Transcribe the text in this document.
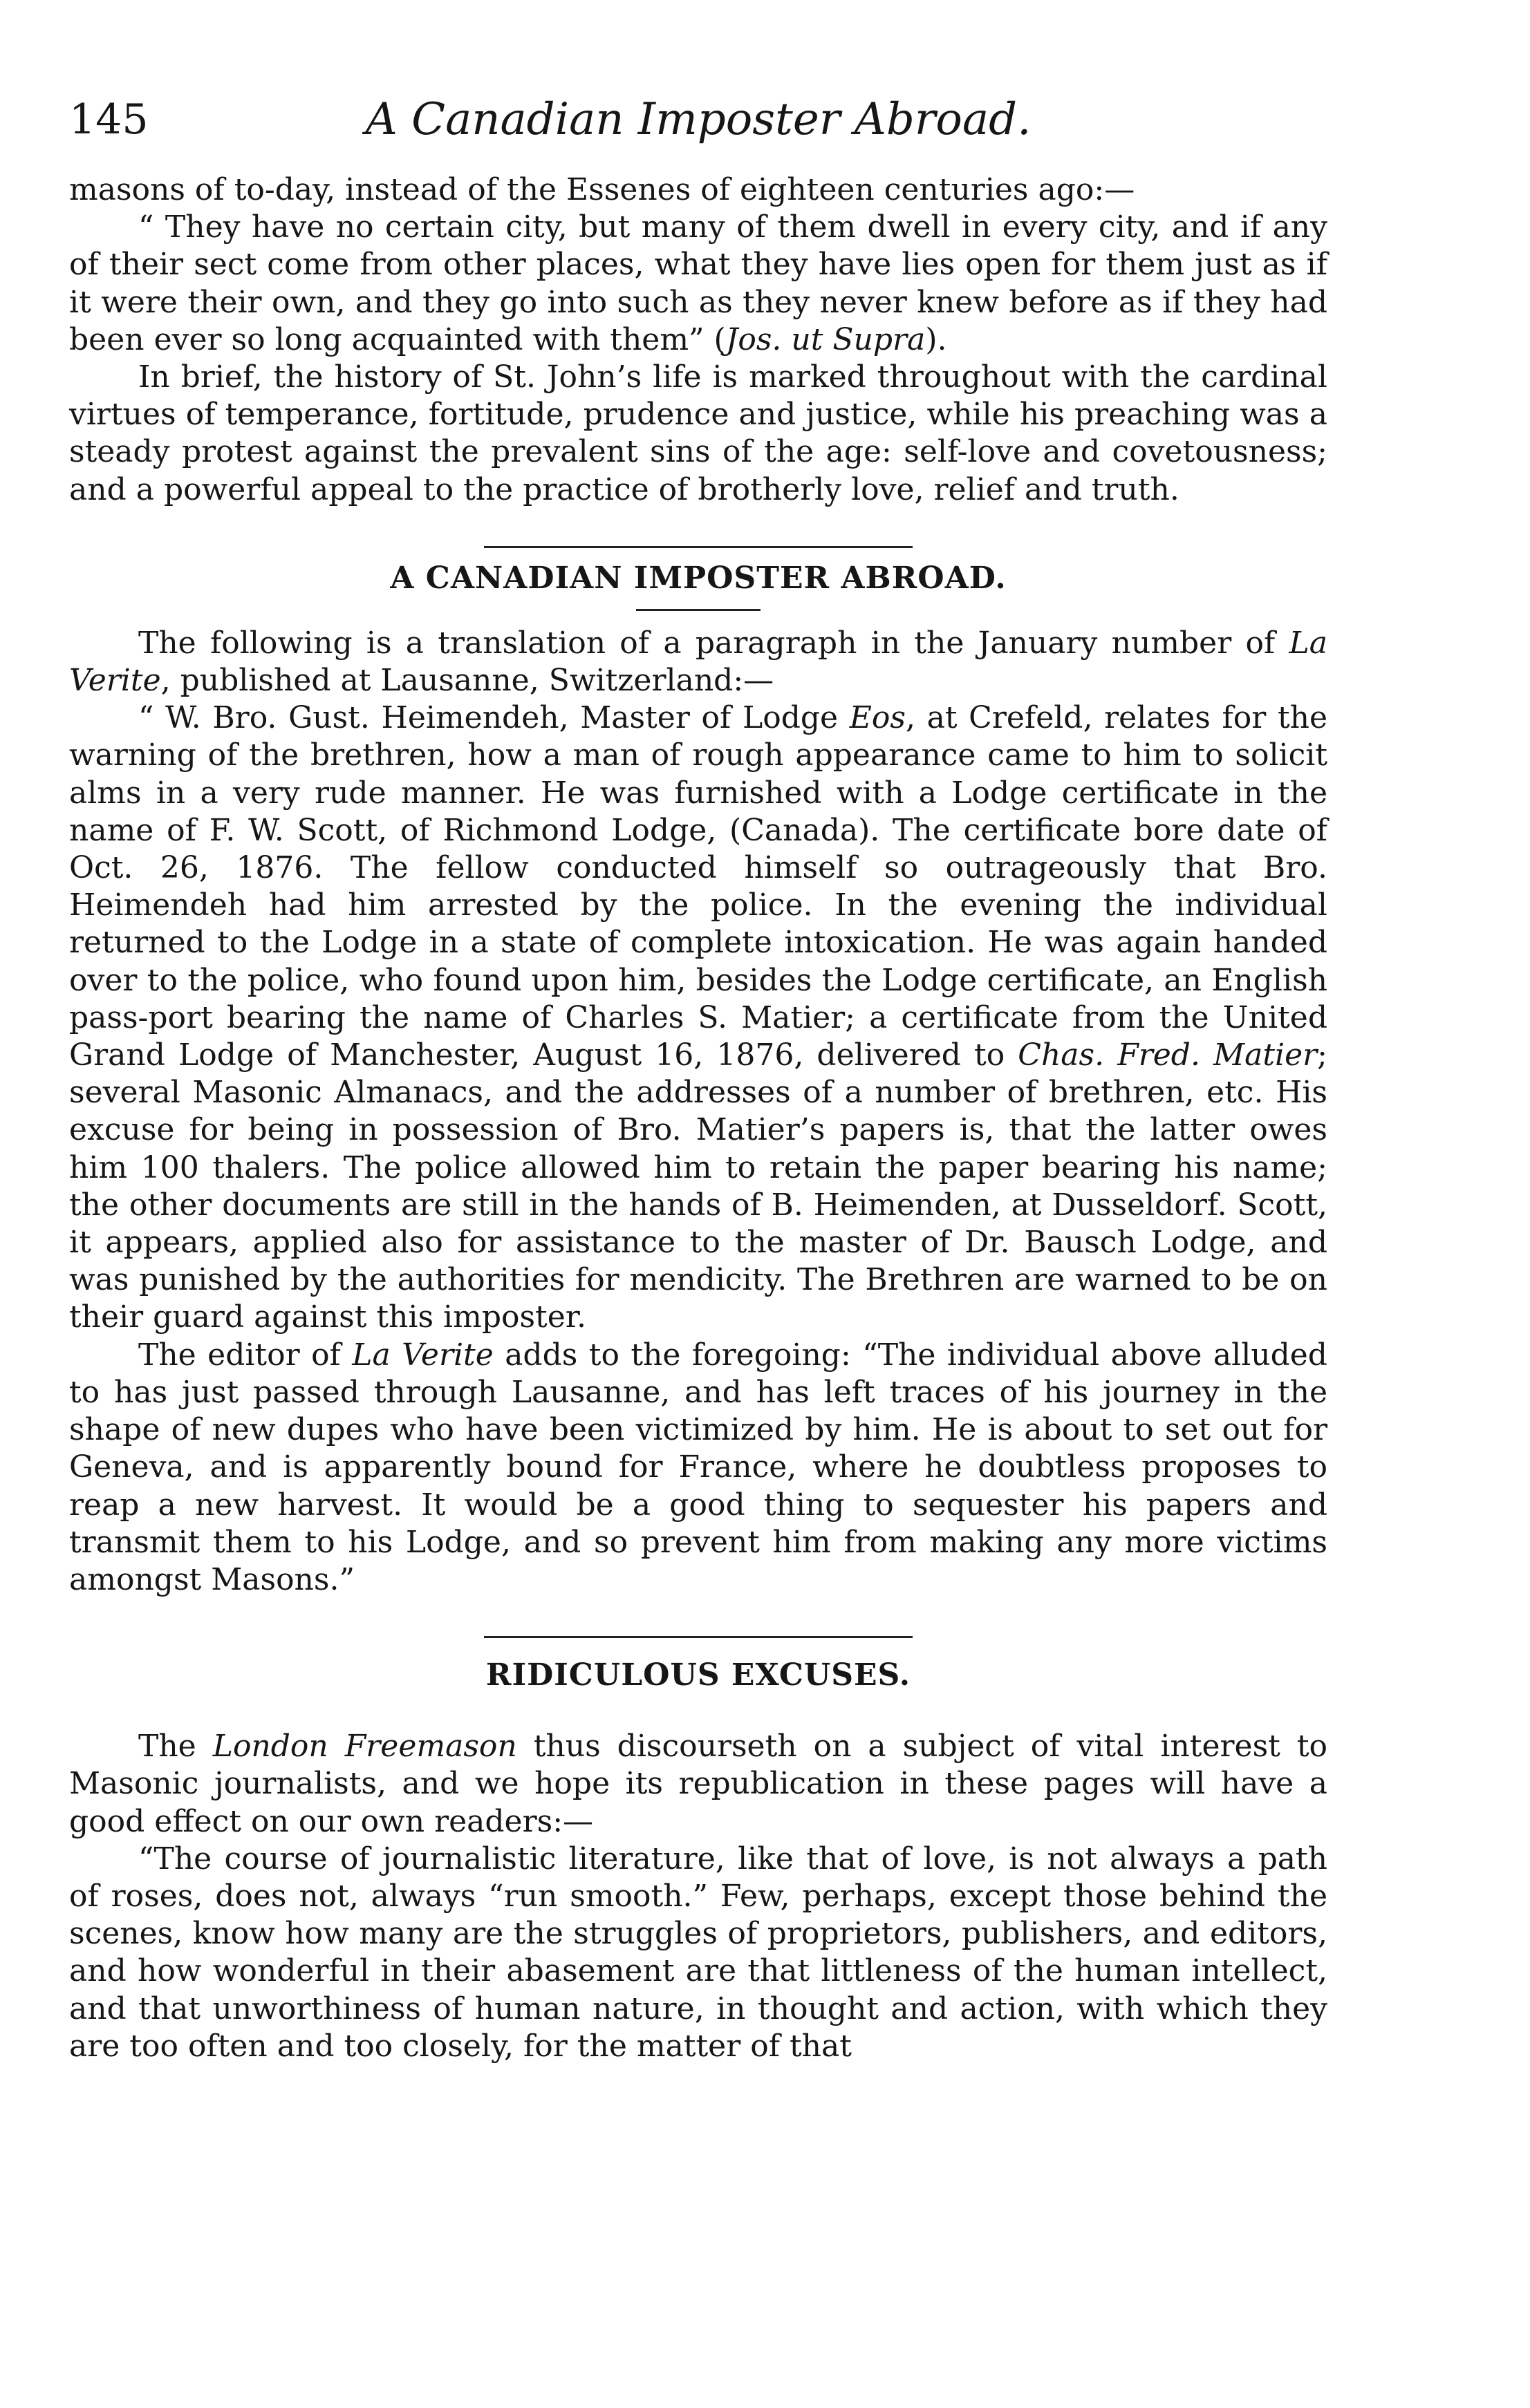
145	A Canadian Imposter Abroad.

masons of to-day, instead of the Essenes of eighteen centuries ago:—

“ They have no certain city, but many of them dwell in every city, and if any of their sect come from other places, what they have lies open for them just as if it were their own, and they go into such as they never knew before as if they had been ever so long acquainted with them” (Jos. ut Supra).

In brief, the history of St. John’s life is marked throughout with the cardinal virtues of temperance, fortitude, prudence and justice, while his preaching was a steady protest against the prevalent sins of the age: self-love and covetousness; and a powerful appeal to the practice of brotherly love, relief and truth.

A CANADIAN IMPOSTER ABROAD.

The following is a translation of a paragraph in the January number of La Verite, published at Lausanne, Switzerland:—

“ W. Bro. Gust. Heimendeh, Master of Lodge Eos, at Crefeld, relates for the warning of the brethren, how a man of rough appearance came to him to solicit alms in a very rude manner. He was furnished with a Lodge certificate in the name of F. W. Scott, of Richmond Lodge, (Canada). The certificate bore date of Oct. 26, 1876. The fellow conducted himself so outrageously that Bro. Heimendeh had him arrested by the police. In the evening the individual returned to the Lodge in a state of complete intoxication. He was again handed over to the police, who found upon him, besides the Lodge certificate, an English pass-port bearing the name of Charles S. Matier; a certificate from the United Grand Lodge of Manchester, August 16, 1876, delivered to Chas. Fred. Matier; several Masonic Almanacs, and the addresses of a number of brethren, etc. His excuse for being in possession of Bro. Matier’s papers is, that the latter owes him 100 thalers. The police allowed him to retain the paper bearing his name; the other documents are still in the hands of B. Heimenden, at Dusseldorf. Scott, it appears, applied also for assistance to the master of Dr. Bausch Lodge, and was punished by the authorities for mendicity. The Brethren are warned to be on their guard against this imposter.

The editor of La Verite adds to the foregoing: “The individual above alluded to has just passed through Lausanne, and has left traces of his journey in the shape of new dupes who have been victimized by him. He is about to set out for Geneva, and is apparently bound for France, where he doubtless proposes to reap a new harvest. It would be a good thing to sequester his papers and transmit them to his Lodge, and so prevent him from making any more victims amongst Masons.”

RIDICULOUS EXCUSES.

The London Freemason thus discourseth on a subject of vital interest to Masonic journalists, and we hope its republication in these pages will have a good effect on our own readers:—

“The course of journalistic literature, like that of love, is not always a path of roses, does not, always “run smooth.” Few, perhaps, except those behind the scenes, know how many are the struggles of proprietors, publishers, and editors, and how wonderful in their abasement are that littleness of the human intellect, and that unworthiness of human nature, in thought and action, with which they are too often and too closely, for the matter of that
